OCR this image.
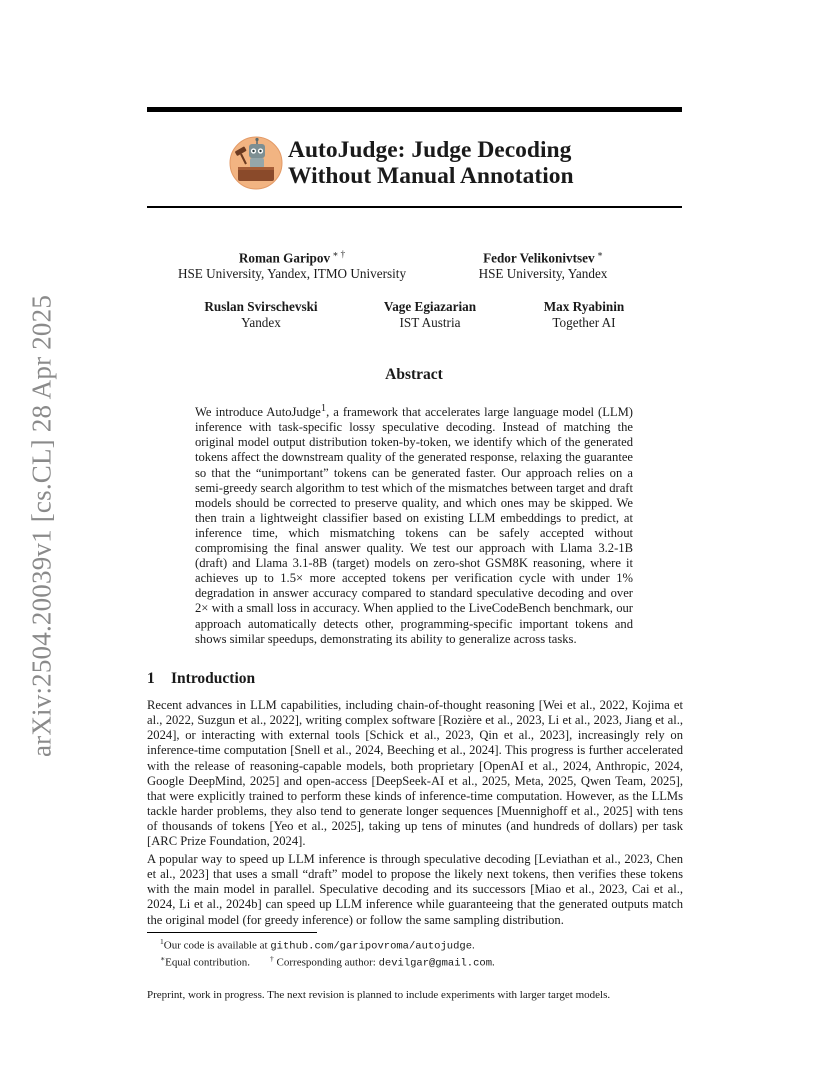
arXiv:2504.20039v1 [cs.CL] 28 Apr 2025
AutoJudge: Judge Decoding
Without Manual Annotation
Roman Garipov ∗ †
HSE University, Yandex, ITMO University
Fedor Velikonivtsev ∗
HSE University, Yandex
Ruslan Svirschevski
Yandex
Vage Egiazarian
IST Austria
Max Ryabinin
Together AI
Abstract
We introduce AutoJudge$^1$, a framework that accelerates large language model (LLM) inference with task-specific lossy speculative decoding. Instead of matching the original model output distribution token-by-token, we identify which of the generated tokens affect the downstream quality of the generated response, relaxing the guarantee so that the “unimportant” tokens can be generated faster. Our approach relies on a semi-greedy search algorithm to test which of the mismatches between target and draft models should be corrected to preserve quality, and which ones may be skipped. We then train a lightweight classifier based on existing LLM embeddings to predict, at inference time, which mismatching tokens can be safely accepted without compromising the final answer quality. We test our approach with Llama 3.2-1B (draft) and Llama 3.1-8B (target) models on zero-shot GSM8K reasoning, where it achieves up to 1.5× more accepted tokens per verification cycle with under 1% degradation in answer accuracy compared to standard speculative decoding and over 2× with a small loss in accuracy. When applied to the LiveCodeBench benchmark, our approach automatically detects other, programming-specific important tokens and shows similar speedups, demonstrating its ability to generalize across tasks.
1 Introduction
Recent advances in LLM capabilities, including chain-of-thought reasoning [Wei et al., 2022, Kojima et al., 2022, Suzgun et al., 2022], writing complex software [Rozière et al., 2023, Li et al., 2023, Jiang et al., 2024], or interacting with external tools [Schick et al., 2023, Qin et al., 2023], increasingly rely on inference-time computation [Snell et al., 2024, Beeching et al., 2024]. This progress is further accelerated with the release of reasoning-capable models, both proprietary [OpenAI et al., 2024, Anthropic, 2024, Google DeepMind, 2025] and open-access [DeepSeek-AI et al., 2025, Meta, 2025, Qwen Team, 2025], that were explicitly trained to perform these kinds of inference-time computation. However, as the LLMs tackle harder problems, they also tend to generate longer sequences [Muennighoff et al., 2025] with tens of thousands of tokens [Yeo et al., 2025], taking up tens of minutes (and hundreds of dollars) per task [ARC Prize Foundation, 2024].
A popular way to speed up LLM inference is through speculative decoding [Leviathan et al., 2023, Chen et al., 2023] that uses a small “draft” model to propose the likely next tokens, then verifies these tokens with the main model in parallel. Speculative decoding and its successors [Miao et al., 2023, Cai et al., 2024, Li et al., 2024b] can speed up LLM inference while guaranteeing that the generated outputs match the original model (for greedy inference) or follow the same sampling distribution.
$^1$Our code is available at github.com/garipovroma/autojudge.
∗Equal contribution.	† Corresponding author: devilgar@gmail.com.
Preprint, work in progress. The next revision is planned to include experiments with larger target models.
